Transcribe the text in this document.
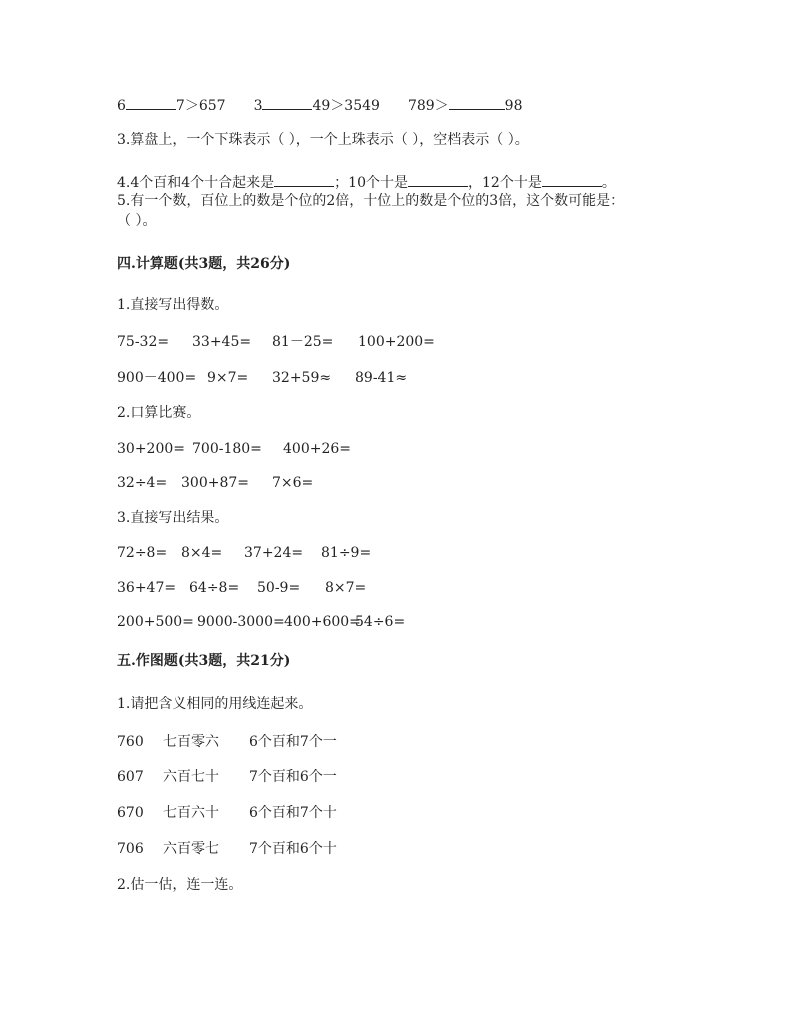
6	7＞657 3	49＞3549 789＞	98
3.算盘上，一个下珠表示（ ），一个上珠表示（ ），空档表示（ ）。
4.4个百和4个十合起来是	；10个十是	，12个十是	。
5.有一个数，百位上的数是个位的2倍，十位上的数是个位的3倍，这个数可能是：
（ ）。
四.计算题(共3题，共26分)
1.直接写出得数。
75-32= 33+45= 81－25= 100+200=
900－400= 9×7= 32+59≈ 89-41≈
2.口算比赛。
30+200= 700-180= 400+26=
32÷4= 300+87= 7×6=
3.直接写出结果。
72÷8= 8×4= 37+24= 81÷9=
36+47= 64÷8= 50-9= 8×7=
200+500= 9000-3000=400+600=54÷6=
五.作图题(共3题，共21分)
1.请把含义相同的用线连起来。
760 七百零六 6个百和7个一
607 六百七十 7个百和6个一
670 七百六十 6个百和7个十
706 六百零七 7个百和6个十
2.估一估，连一连。
